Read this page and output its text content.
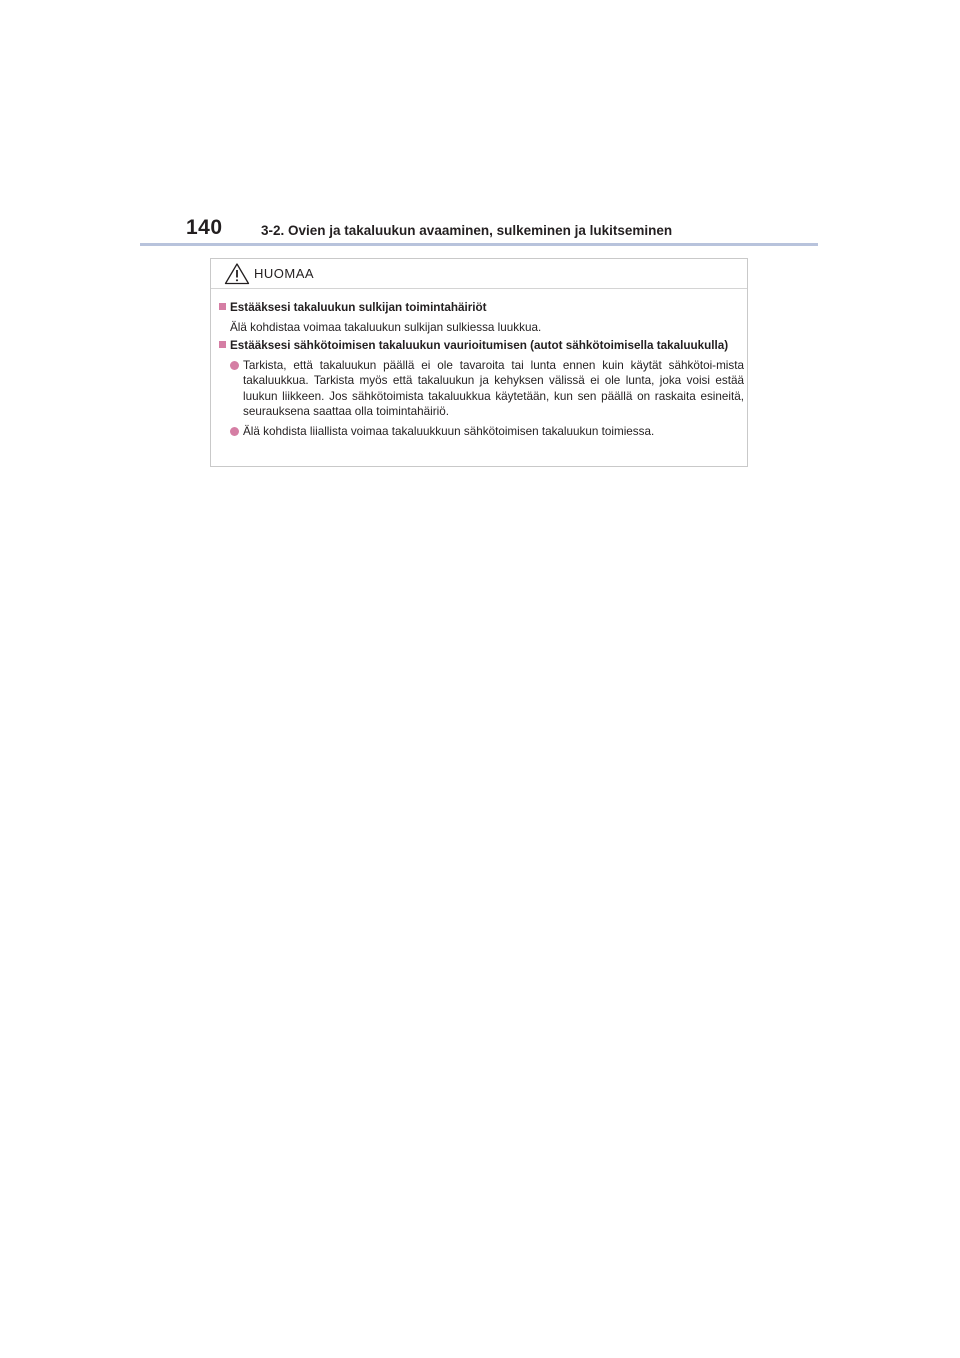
140	3-2. Ovien ja takaluukun avaaminen, sulkeminen ja lukitseminen
HUOMAA
Estääksesi takaluukun sulkijan toimintahäiriöt
Älä kohdistaa voimaa takaluukun sulkijan sulkiessa luukkua.
Estääksesi sähkötoimisen takaluukun vaurioitumisen (autot sähkötoimisella takaluukulla)
Tarkista, että takaluukun päällä ei ole tavaroita tai lunta ennen kuin käytät sähkötoi-mista takaluukkua. Tarkista myös että takaluukun ja kehyksen välissä ei ole lunta, joka voisi estää luukun liikkeen. Jos sähkötoimista takaluukkua käytetään, kun sen päällä on raskaita esineitä, seurauksena saattaa olla toimintahäiriö.
Älä kohdista liiallista voimaa takaluukkuun sähkötoimisen takaluukun toimiessa.
